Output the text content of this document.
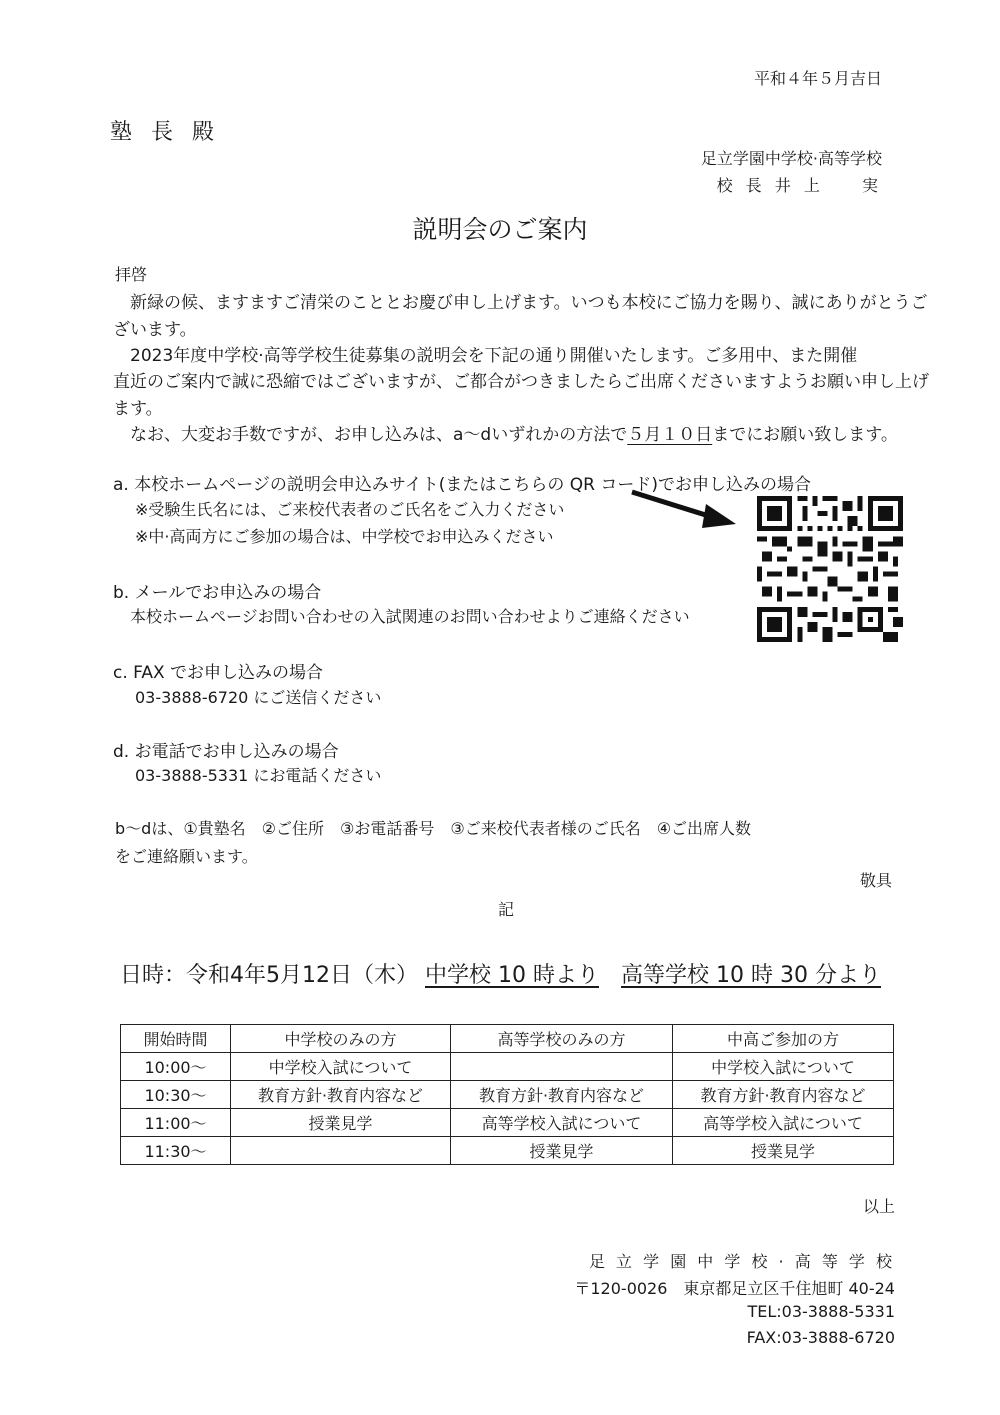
平和４年５月吉日
塾 長 殿
足立学園中学校·高等学校
校 長 井 上 　 実
説明会のご案内
拝啓
新緑の候、ますますご清栄のこととお慶び申し上げます。いつも本校にご協力を賜り、誠にありがとうご
ざいます。
2023年度中学校·高等学校生徒募集の説明会を下記の通り開催いたします。ご多用中、また開催
直近のご案内で誠に恐縮ではございますが、ご都合がつきましたらご出席くださいますようお願い申し上げ
ます。
なお、大変お手数ですが、お申し込みは、a〜dいずれかの方法で５月１０日までにお願い致します。
a. 本校ホームページの説明会申込みサイト(またはこちらの QR コード)でお申し込みの場合
※受験生氏名には、ご来校代表者のご氏名をご入力ください
※中·高両方にご参加の場合は、中学校でお申込みください
b. メールでお申込みの場合
本校ホームページお問い合わせの入試関連のお問い合わせよりご連絡ください
c. FAX でお申し込みの場合
03-3888-6720 にご送信ください
d. お電話でお申し込みの場合
03-3888-5331 にお電話ください
b〜dは、①貴塾名　②ご住所　③お電話番号　③ご来校代表者様のご氏名　④ご出席人数
をご連絡願います。
敬具
記
日時：令和4年5月12日（木） 中学校 10 時より　 高等学校 10 時 30 分より
開始時間	中学校のみの方	高等学校のみの方	中高ご参加の方
10:00〜	中学校入試について		中学校入試について
10:30〜	教育方針·教育内容など	教育方針·教育内容など	教育方針·教育内容など
11:00〜	授業見学	高等学校入試について	高等学校入試について
11:30〜		授業見学	授業見学
以上
足 立 学 園 中 学 校 · 高 等 学 校
〒120-0026　東京都足立区千住旭町 40-24
TEL:03-3888-5331
FAX:03-3888-6720
